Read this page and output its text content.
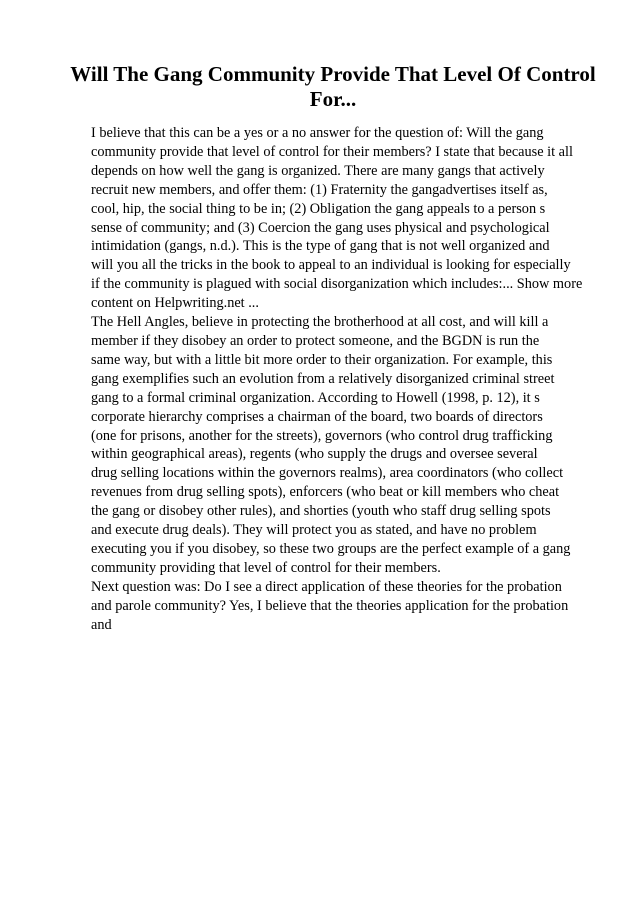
Will The Gang Community Provide That Level Of Control
For...
I believe that this can be a yes or a no answer for the question of: Will the gang
community provide that level of control for their members? I state that because it all
depends on how well the gang is organized. There are many gangs that actively
recruit new members, and offer them: (1) Fraternity the gangadvertises itself as,
cool, hip, the social thing to be in; (2) Obligation the gang appeals to a person s
sense of community; and (3) Coercion the gang uses physical and psychological
intimidation (gangs, n.d.). This is the type of gang that is not well organized and
will you all the tricks in the book to appeal to an individual is looking for especially
if the community is plagued with social disorganization which includes:... Show more
content on Helpwriting.net ...
The Hell Angles, believe in protecting the brotherhood at all cost, and will kill a
member if they disobey an order to protect someone, and the BGDN is run the
same way, but with a little bit more order to their organization. For example, this
gang exemplifies such an evolution from a relatively disorganized criminal street
gang to a formal criminal organization. According to Howell (1998, p. 12), it s
corporate hierarchy comprises a chairman of the board, two boards of directors
(one for prisons, another for the streets), governors (who control drug trafficking
within geographical areas), regents (who supply the drugs and oversee several
drug selling locations within the governors realms), area coordinators (who collect
revenues from drug selling spots), enforcers (who beat or kill members who cheat
the gang or disobey other rules), and shorties (youth who staff drug selling spots
and execute drug deals). They will protect you as stated, and have no problem
executing you if you disobey, so these two groups are the perfect example of a gang
community providing that level of control for their members.
Next question was: Do I see a direct application of these theories for the probation
and parole community? Yes, I believe that the theories application for the probation
and
